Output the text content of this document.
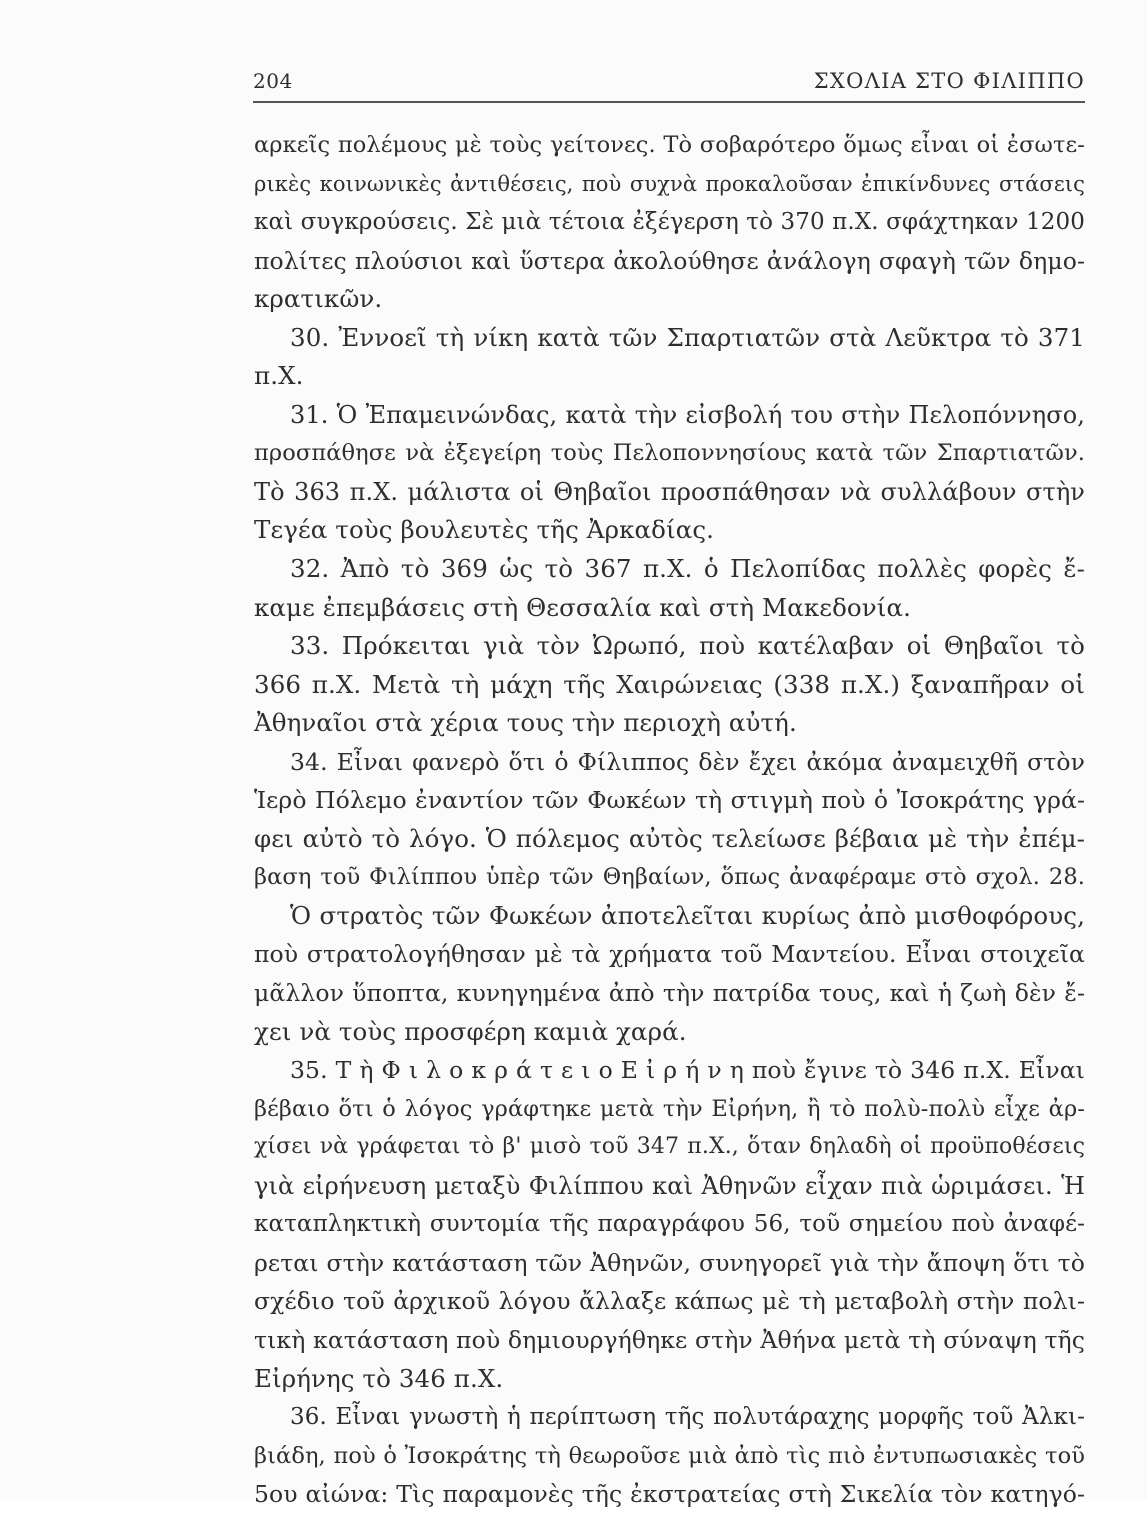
204	ΣΧΟΛΙΑ ΣΤΟ ΦΙΛΙΠΠΟ
αρκεῖς πολέμους μὲ τοὺς γείτονες. Τὸ σοβαρότερο ὅμως εἶναι οἱ ἐσωτε-
ρικὲς κοινωνικὲς ἀντιθέσεις, ποὺ συχνὰ προκαλοῦσαν ἐπικίνδυνες στάσεις
καὶ συγκρούσεις. Σὲ μιὰ τέτοια ἐξέγερση τὸ 370 π.Χ. σφάχτηκαν 1200
πολίτες πλούσιοι καὶ ὕστερα ἀκολούθησε ἀνάλογη σφαγὴ τῶν δημο-
κρατικῶν.
30. Ἐννοεῖ τὴ νίκη κατὰ τῶν Σπαρτιατῶν στὰ Λεῦκτρα τὸ 371
π.Χ.
31. Ὁ Ἐπαμεινώνδας, κατὰ τὴν εἰσβολή του στὴν Πελοπόννησο,
προσπάθησε νὰ ἐξεγείρη τοὺς Πελοποννησίους κατὰ τῶν Σπαρτιατῶν.
Τὸ 363 π.Χ. μάλιστα οἱ Θηβαῖοι προσπάθησαν νὰ συλλάβουν στὴν
Τεγέα τοὺς βουλευτὲς τῆς Ἀρκαδίας.
32. Ἀπὸ τὸ 369 ὡς τὸ 367 π.Χ. ὁ Πελοπίδας πολλὲς φορὲς ἔ-
καμε ἐπεμβάσεις στὴ Θεσσαλία καὶ στὴ Μακεδονία.
33. Πρόκειται γιὰ τὸν Ὠρωπό, ποὺ κατέλαβαν οἱ Θηβαῖοι τὸ
366 π.Χ. Μετὰ τὴ μάχη τῆς Χαιρώνειας (338 π.Χ.) ξαναπῆραν οἱ
Ἀθηναῖοι στὰ χέρια τους τὴν περιοχὴ αὐτή.
34. Εἶναι φανερὸ ὅτι ὁ Φίλιππος δὲν ἔχει ἀκόμα ἀναμειχθῆ στὸν
Ἱερὸ Πόλεμο ἐναντίον τῶν Φωκέων τὴ στιγμὴ ποὺ ὁ Ἰσοκράτης γρά-
φει αὐτὸ τὸ λόγο. Ὁ πόλεμος αὐτὸς τελείωσε βέβαια μὲ τὴν ἐπέμ-
βαση τοῦ Φιλίππου ὑπὲρ τῶν Θηβαίων, ὅπως ἀναφέραμε στὸ σχολ. 28.
Ὁ στρατὸς τῶν Φωκέων ἀποτελεῖται κυρίως ἀπὸ μισθοφόρους,
ποὺ στρατολογήθησαν μὲ τὰ χρήματα τοῦ Μαντείου. Εἶναι στοιχεῖα
μᾶλλον ὕποπτα, κυνηγημένα ἀπὸ τὴν πατρίδα τους, καὶ ἡ ζωὴ δὲν ἔ-
χει νὰ τοὺς προσφέρη καμιὰ χαρά.
35. Τ ὴ Φ ι λ ο κ ρ ά τ ε ι ο Ε ἰ ρ ή ν η ποὺ ἔγινε τὸ 346 π.Χ. Εἶναι
βέβαιο ὅτι ὁ λόγος γράφτηκε μετὰ τὴν Εἰρήνη, ἢ τὸ πολὺ-πολὺ εἶχε ἀρ-
χίσει νὰ γράφεται τὸ β' μισὸ τοῦ 347 π.Χ., ὅταν δηλαδὴ οἱ προϋποθέσεις
γιὰ εἰρήνευση μεταξὺ Φιλίππου καὶ Ἀθηνῶν εἶχαν πιὰ ὡριμάσει. Ἡ
καταπληκτικὴ συντομία τῆς παραγράφου 56, τοῦ σημείου ποὺ ἀναφέ-
ρεται στὴν κατάσταση τῶν Ἀθηνῶν, συνηγορεῖ γιὰ τὴν ἄποψη ὅτι τὸ
σχέδιο τοῦ ἀρχικοῦ λόγου ἄλλαξε κάπως μὲ τὴ μεταβολὴ στὴν πολι-
τικὴ κατάσταση ποὺ δημιουργήθηκε στὴν Ἀθήνα μετὰ τὴ σύναψη τῆς
Εἰρήνης τὸ 346 π.Χ.
36. Εἶναι γνωστὴ ἡ περίπτωση τῆς πολυτάραχης μορφῆς τοῦ Ἀλκι-
βιάδη, ποὺ ὁ Ἰσοκράτης τὴ θεωροῦσε μιὰ ἀπὸ τὶς πιὸ ἐντυπωσιακὲς τοῦ
5ου αἰώνα: Τὶς παραμονὲς τῆς ἐκστρατείας στὴ Σικελία τὸν κατηγό-
